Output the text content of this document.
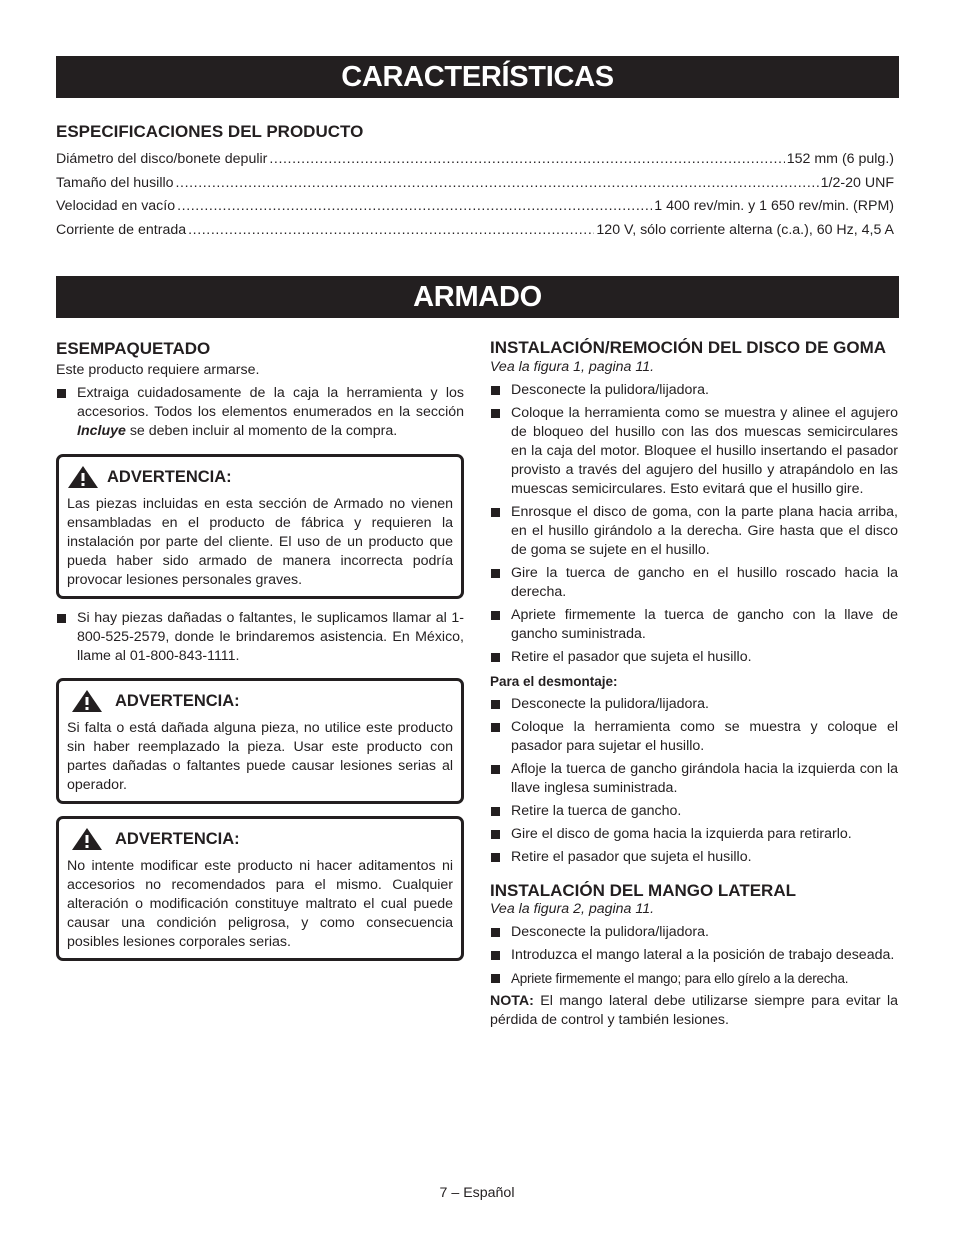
CARACTERÍSTICAS
ESPECIFICACIONES DEL PRODUCTO
Diámetro del disco/bonete depulir .....	152 mm (6 pulg.)
Tamaño del husillo .....	1/2-20 UNF
Velocidad en vacío .....	1 400 rev/min. y 1 650 rev/min. (RPM)
Corriente de entrada .....	120 V, sólo corriente alterna (c.a.), 60 Hz, 4,5 A
ARMADO
ESEMPAQUETADO

Este producto requiere armarse.

Extraiga cuidadosamente de la caja la herramienta y los accesorios. Todos los elementos enumerados en la sección Incluye se deben incluir al momento de la compra.
ADVERTENCIA:
Las piezas incluidas en esta sección de Armado no vienen ensambladas en el producto de fábrica y requieren la instalación por parte del cliente. El uso de un producto que pueda haber sido armado de manera incorrecta podría provocar lesiones personales graves.
Si hay piezas dañadas o faltantes, le suplicamos llamar al 1-800-525-2579, donde le brindaremos asistencia. En México, llame al 01-800-843-1111.
ADVERTENCIA:
Si falta o está dañada alguna pieza, no utilice este producto sin haber reemplazado la pieza. Usar este producto con partes dañadas o faltantes puede causar lesiones serias al operador.
ADVERTENCIA:
No intente modificar este producto ni hacer aditamentos ni accesorios no recomendados para el mismo. Cualquier alteración o modificación constituye maltrato el cual puede causar una condición peligrosa, y como consecuencia posibles lesiones corporales serias.
INSTALACIÓN/REMOCIÓN DEL DISCO DE GOMA

Vea la figura 1, pagina 11.

Desconecte la pulidora/lijadora.
Coloque la herramienta como se muestra y alinee el agujero de bloqueo del husillo con las dos muescas semicirculares en la caja del motor. Bloquee el husillo insertando el pasador provisto a través del agujero del husillo y atrapándolo en las muescas semicirculares. Esto evitará que el husillo gire.
Enrosque el disco de goma, con la parte plana hacia arriba, en el husillo girándolo a la derecha. Gire hasta que el disco de goma se sujete en el husillo.
Gire la tuerca de gancho en el husillo roscado hacia la derecha.
Apriete firmemente la tuerca de gancho con la llave de gancho suministrada.
Retire el pasador que sujeta el husillo.
Para el desmontaje:
Desconecte la pulidora/lijadora.
Coloque la herramienta como se muestra y coloque el pasador para sujetar el husillo.
Afloje la tuerca de gancho girándola hacia la izquierda con la llave inglesa suministrada.
Retire la tuerca de gancho.
Gire el disco de goma hacia la izquierda para retirarlo.
Retire el pasador que sujeta el husillo.
INSTALACIÓN DEL MANGO LATERAL

Vea la figura 2, pagina 11.

Desconecte la pulidora/lijadora.
Introduzca el mango lateral a la posición de trabajo deseada.
Apriete firmemente el mango; para ello gírelo a la derecha.

NOTA: El mango lateral debe utilizarse siempre para evitar la pérdida de control y también lesiones.

7 – Español
